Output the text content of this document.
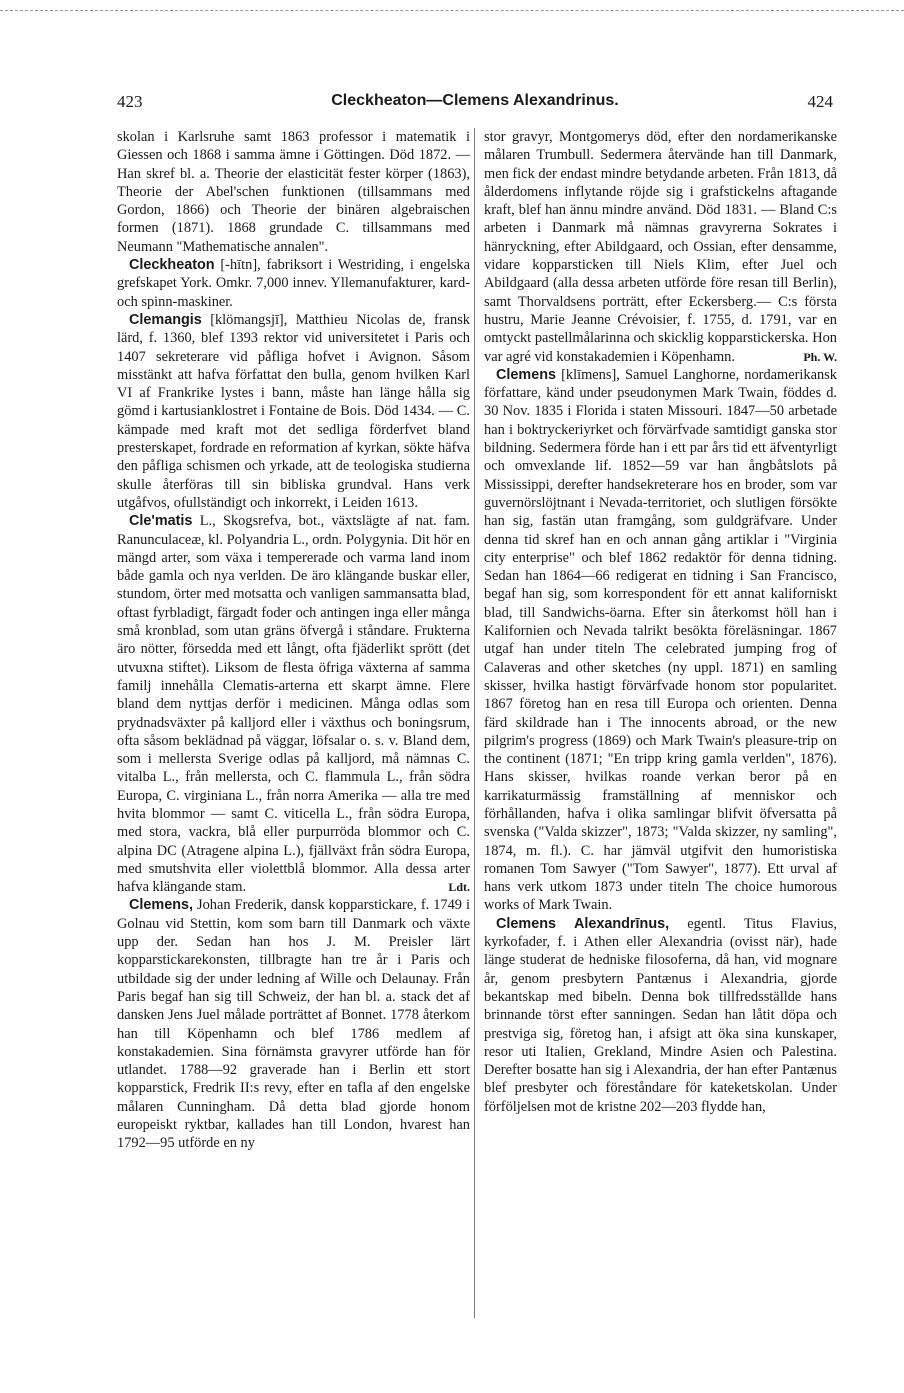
423	Cleckheaton—Clemens Alexandrinus.	424

skolan i Karlsruhe samt 1863 professor i matematik i Giessen och 1868 i samma ämne i Göttingen. Död 1872. — Han skref bl. a. Theorie der elasticität fester körper (1863), Theorie der Abel'schen funktionen (tillsammans med Gordon, 1866) och Theorie der binären algebraischen formen (1871). 1868 grundade C. tillsammans med Neumann "Mathematische annalen".

Cleckheaton [-hītn], fabriksort i Westriding, i engelska grefskapet York. Omkr. 7,000 innev. Yllemanufakturer, kard- och spinn-maskiner.

Clemangis [klömangsjī], Matthieu Nicolas de, fransk lärd, f. 1360, blef 1393 rektor vid universitetet i Paris och 1407 sekreterare vid påfliga hofvet i Avignon. Såsom misstänkt att hafva författat den bulla, genom hvilken Karl VI af Frankrike lystes i bann, måste han länge hålla sig gömd i kartusianklostret i Fontaine de Bois. Död 1434. — C. kämpade med kraft mot det sedliga förderfvet bland presterskapet, fordrade en reformation af kyrkan, sökte häfva den påfliga schismen och yrkade, att de teologiska studierna skulle återföras till sin bibliska grundval. Hans verk utgåfvos, ofullständigt och inkorrekt, i Leiden 1613.

Cle'matis L., Skogsrefva, bot., växtslägte af nat. fam. Ranunculaceæ, kl. Polyandria L., ordn. Polygynia. Dit hör en mängd arter, som växa i tempererade och varma land inom både gamla och nya verlden. De äro klängande buskar eller, stundom, örter med motsatta och vanligen sammansatta blad, oftast fyrbladigt, färgadt foder och antingen inga eller många små kronblad, som utan gräns öfvergå i ståndare. Frukterna äro nötter, försedda med ett långt, ofta fjäderlikt sprött (det utvuxna stiftet). Liksom de flesta öfriga växterna af samma familj innehålla Clematis-arterna ett skarpt ämne. Flere bland dem nyttjas derför i medicinen. Många odlas som prydnadsväxter på kalljord eller i växthus och boningsrum, ofta såsom beklädnad på väggar, löfsalar o. s. v. Bland dem, som i mellersta Sverige odlas på kalljord, må nämnas C. vitalba L., från mellersta, och C. flammula L., från södra Europa, C. virginiana L., från norra Amerika — alla tre med hvita blommor — samt C. viticella L., från södra Europa, med stora, vackra, blå eller purpurröda blommor och C. alpina DC (Atragene alpina L.), fjällväxt från södra Europa, med smutshvita eller violettblå blommor. Alla dessa arter hafva klängande stam.	Ldt.

Clemens, Johan Frederik, dansk kopparstickare, f. 1749 i Golnau vid Stettin, kom som barn till Danmark och växte upp der. Sedan han hos J. M. Preisler lärt kopparstickarekonsten, tillbragte han tre år i Paris och utbildade sig der under ledning af Wille och Delaunay. Från Paris begaf han sig till Schweiz, der han bl. a. stack det af dansken Jens Juel målade porträttet af Bonnet. 1778 återkom han till Köpenhamn och blef 1786 medlem af konstakademien. Sina förnämsta gravyrer utförde han för utlandet. 1788—92 graverade han i Berlin ett stort kopparstick, Fredrik II:s revy, efter en tafla af den engelske målaren Cunningham. Då detta blad gjorde honom europeiskt ryktbar, kallades han till London, hvarest han 1792—95 utförde en ny

stor gravyr, Montgomerys död, efter den nordamerikanske målaren Trumbull. Sedermera återvände han till Danmark, men fick der endast mindre betydande arbeten. Från 1813, då ålderdomens inflytande röjde sig i grafstickelns aftagande kraft, blef han ännu mindre använd. Död 1831. — Bland C:s arbeten i Danmark må nämnas gravyrerna Sokrates i hänryckning, efter Abildgaard, och Ossian, efter densamme, vidare kopparsticken till Niels Klim, efter Juel och Abildgaard (alla dessa arbeten utförde före resan till Berlin), samt Thorvaldsens porträtt, efter Eckersberg.— C:s första hustru, Marie Jeanne Crévoisier, f. 1755, d. 1791, var en omtyckt pastellmålarinna och skicklig kopparstickerska. Hon var agré vid konstakademien i Köpenhamn.	Ph. W.

Clemens [klīmens], Samuel Langhorne, nordamerikansk författare, känd under pseudonymen Mark Twain, föddes d. 30 Nov. 1835 i Florida i staten Missouri. 1847—50 arbetade han i boktryckeriyrket och förvärfvade samtidigt ganska stor bildning. Sedermera förde han i ett par års tid ett äfventyrligt och omvexlande lif. 1852—59 var han ångbåtslots på Mississippi, derefter handsekreterare hos en broder, som var guvernörslöjtnant i Nevada-territoriet, och slutligen försökte han sig, fastän utan framgång, som guldgräfvare. Under denna tid skref han en och annan gång artiklar i "Virginia city enterprise" och blef 1862 redaktör för denna tidning. Sedan han 1864—66 redigerat en tidning i San Francisco, begaf han sig, som korrespondent för ett annat kaliforniskt blad, till Sandwichs-öarna. Efter sin återkomst höll han i Kalifornien och Nevada talrikt besökta föreläsningar. 1867 utgaf han under titeln The celebrated jumping frog of Calaveras and other sketches (ny uppl. 1871) en samling skisser, hvilka hastigt förvärfvade honom stor popularitet. 1867 företog han en resa till Europa och orienten. Denna färd skildrade han i The innocents abroad, or the new pilgrim's progress (1869) och Mark Twain's pleasure-trip on the continent (1871; "En tripp kring gamla verlden", 1876). Hans skisser, hvilkas roande verkan beror på en karrikaturmässig framställning af menniskor och förhållanden, hafva i olika samlingar blifvit öfversatta på svenska ("Valda skizzer", 1873; "Valda skizzer, ny samling", 1874, m. fl.). C. har jämväl utgifvit den humoristiska romanen Tom Sawyer ("Tom Sawyer", 1877). Ett urval af hans verk utkom 1873 under titeln The choice humorous works of Mark Twain.

Clemens Alexandrīnus, egentl. Titus Flavius, kyrkofader, f. i Athen eller Alexandria (ovisst när), hade länge studerat de hedniske filosoferna, då han, vid mognare år, genom presbytern Pantænus i Alexandria, gjorde bekantskap med bibeln. Denna bok tillfredsställde hans brinnande törst efter sanningen. Sedan han låtit döpa och prestviga sig, företog han, i afsigt att öka sina kunskaper, resor uti Italien, Grekland, Mindre Asien och Palestina. Derefter bosatte han sig i Alexandria, der han efter Pantænus blef presbyter och föreståndare för kateketskolan. Under förföljelsen mot de kristne 202—203 flydde han,
